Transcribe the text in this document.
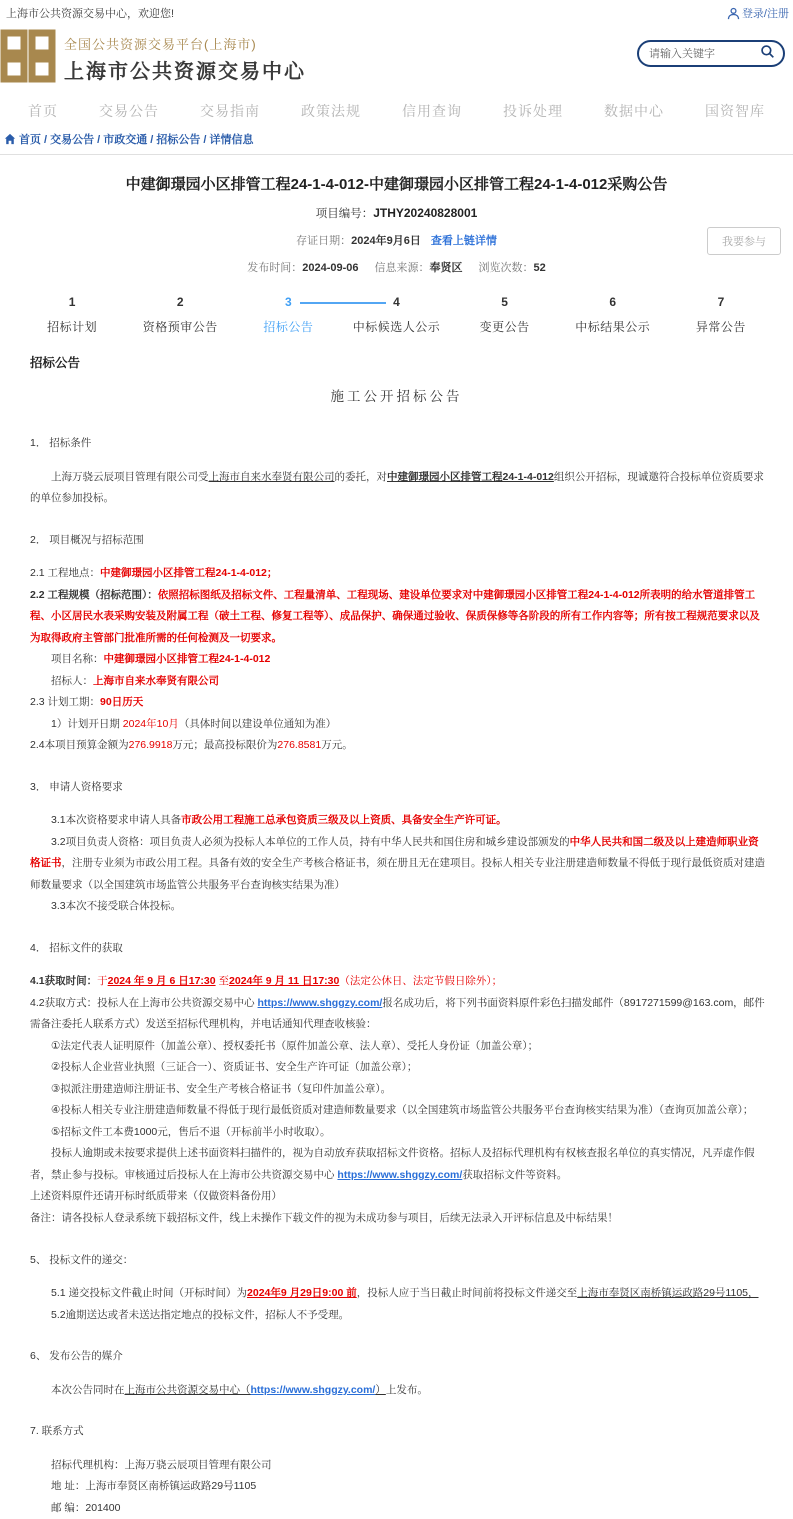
上海市公共资源交易中心，欢迎您!	登录/注册
全国公共资源交易平台(上海市)
上海市公共资源交易中心
请输入关键字
首页	交易公告	交易指南	政策法规	信用查询	投诉处理	数据中心	国资智库
首页 / 交易公告 / 市政交通 / 招标公告 / 详情信息
中建御璟园小区排管工程24-1-4-012-中建御璟园小区排管工程24-1-4-012采购公告
项目编号：JTHY20240828001
存证日期：2024年9月6日 查看上链详情
发布时间：2024-09-06 信息来源：奉贤区 浏览次数：52
我要参与
1
招标计划
2
资格预审公告
3
招标公告
4
中标候选人公示
5
变更公告
6
中标结果公示
7
异常公告
招标公告
施工公开招标公告
1． 招标条件
上海万骁云辰项目管理有限公司受上海市自来水奉贤有限公司的委托，对中建御璟园小区排管工程24-1-4-012组织公开招标，现诚邀符合投标单位资质要求的单位参加投标。
2． 项目概况与招标范围
2.1 工程地点：中建御璟园小区排管工程24-1-4-012；
2.2 工程规模（招标范围）：依照招标图纸及招标文件、工程量清单、工程现场、建设单位要求对中建御璟园小区排管工程24-1-4-012所表明的给水管道排管工程、小区居民水表采购安装及附属工程（破土工程、修复工程等）、成品保护、确保通过验收、保质保修等各阶段的所有工作内容等；所有按工程规范要求以及为取得政府主管部门批准所需的任何检测及一切要求。
项目名称：中建御璟园小区排管工程24-1-4-012
招标人：上海市自来水奉贤有限公司
2.3 计划工期：90日历天
1）计划开日期 2024年10月（具体时间以建设单位通知为准）
2.4本项目预算金额为276.9918万元；最高投标限价为276.8581万元。
3． 申请人资格要求
3.1本次资格要求申请人具备市政公用工程施工总承包资质三级及以上资质、具备安全生产许可证。
3.2项目负责人资格：项目负责人必须为投标人本单位的工作人员，持有中华人民共和国住房和城乡建设部颁发的中华人民共和国二级及以上建造师职业资格证书，注册专业须为市政公用工程。具备有效的安全生产考核合格证书，须在册且无在建项目。投标人相关专业注册建造师数量不得低于现行最低资质对建造师数量要求（以全国建筑市场监管公共服务平台查询核实结果为准）
3.3本次不接受联合体投标。
4． 招标文件的获取
4.1获取时间：于2024 年 9 月 6 日17:30 至2024年 9 月 11 日17:30（法定公休日、法定节假日除外）；
4.2获取方式：投标人在上海市公共资源交易中心 https://www.shggzy.com/报名成功后，将下列书面资料原件彩色扫描发邮件（8917271599@163.com，邮件需备注委托人联系方式）发送至招标代理机构，并电话通知代理查收核验：
①法定代表人证明原件（加盖公章）、授权委托书（原件加盖公章、法人章）、受托人身份证（加盖公章）；
②投标人企业营业执照（三证合一）、资质证书、安全生产许可证（加盖公章）；
③拟派注册建造师注册证书、安全生产考核合格证书（复印件加盖公章）。
④投标人相关专业注册建造师数量不得低于现行最低资质对建造师数量要求（以全国建筑市场监管公共服务平台查询核实结果为准）（查询页加盖公章）；
⑤招标文件工本费1000元，售后不退（开标前半小时收取）。
投标人逾期或未按要求提供上述书面资料扫描件的，视为自动放弃获取招标文件资格。招标人及招标代理机构有权核查报名单位的真实情况，凡弄虚作假者，禁止参与投标。审核通过后投标人在上海市公共资源交易中心 https://www.shggzy.com/获取招标文件等资料。
上述资料原件还请开标时纸质带来（仅做资料备份用）
备注：请各投标人登录系统下载招标文件，线上未操作下载文件的视为未成功参与项目，后续无法录入开评标信息及中标结果！
5、 投标文件的递交：
5.1 递交投标文件截止时间（开标时间）为2024年9 月29日9:00 前，投标人应于当日截止时间前将投标文件递交至上海市奉贤区南桥镇运政路29号1105，
5.2逾期送达或者未送达指定地点的投标文件，招标人不予受理。
6、 发布公告的媒介
本次公告同时在上海市公共资源交易中心（https://www.shggzy.com/）上发布。
7. 联系方式
招标代理机构：上海万骁云辰项目管理有限公司
地 址：上海市奉贤区南桥镇运政路29号1105
邮 编：201400
